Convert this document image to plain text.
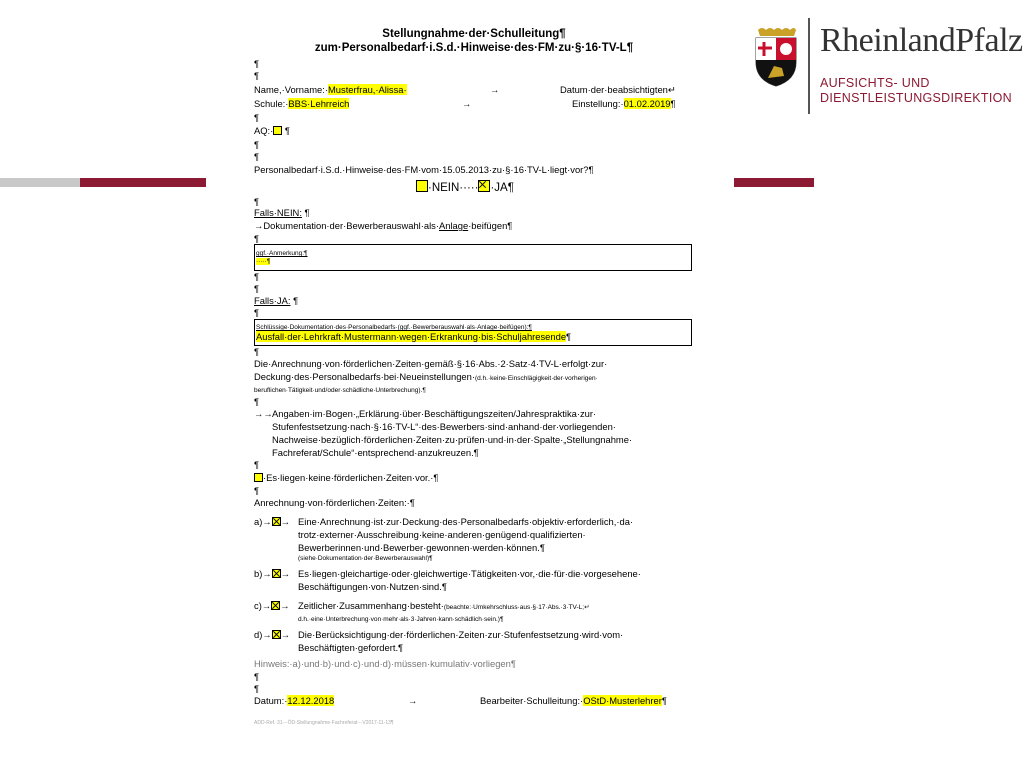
RheinlandPfalz
AUFSICHTS- UND
DIENSTLEISTUNGSDIREKTION
Stellungnahme·der·Schulleitung¶
zum·Personalbedarf·i.S.d.·Hinweise·des·FM·zu·§·16·TV-L¶
¶
¶
Name,·Vorname:·Musterfrau,·Alissa·	→	Datum·der·beabsichtigten↵
Schule:·BBS·Lehrreich	→	Einstellung:·01.02.2019¶
¶
AQ:· ¶
¶
¶
Personalbedarf·i.S.d.·Hinweise·des·FM·vom·15.05.2013·zu·§·16·TV-L·liegt·vor?¶
·NEIN····· ·JA¶
¶
Falls·NEIN: ¶
→Dokumentation·der·Bewerberauswahl·als·Anlage·beifügen¶
¶
ggf.·Anmerkung:¶
·····¶
¶
¶
Falls·JA: ¶
¶
Schlüssige·Dokumentation·des·Personalbedarfs·(ggf.·Bewerberauswahl·als·Anlage·beifügen):¶
Ausfall·der·Lehrkraft·Mustermann·wegen·Erkrankung·bis·Schuljahresende¶
¶
Die·Anrechnung·von·förderlichen·Zeiten·gemäß·§·16·Abs.·2·Satz·4·TV-L·erfolgt·zur·
Deckung·des·Personalbedarfs·bei·Neueinstellungen·(d.h.·keine·Einschlägigkeit·der·vorherigen·
beruflichen·Tätigkeit·und/oder·schädliche·Unterbrechung).¶
¶
→→ Angaben·im·Bogen·„Erklärung·über·Beschäftigungszeiten/Jahrespraktika·zur·
Stufenfestsetzung·nach·§·16·TV-L“·des·Bewerbers·sind·anhand·der·vorliegenden·
Nachweise·bezüglich·förderlichen·Zeiten·zu·prüfen·und·in·der·Spalte·„Stellungnahme·
Fachreferat/Schule“·entsprechend·anzukreuzen.¶
¶
·Es·liegen·keine·förderlichen·Zeiten·vor.·¶
¶
Anrechnung·von·förderlichen·Zeiten:·¶
a)→ → Eine·Anrechnung·ist·zur·Deckung·des·Personalbedarfs·objektiv·erforderlich,·da·
trotz·externer·Ausschreibung·keine·anderen·genügend·qualifizierten·
Bewerberinnen·und·Bewerber·gewonnen·werden·können.¶
(siehe·Dokumentation·der·Bewerberauswahl)¶
b)→ → Es·liegen·gleichartige·oder·gleichwertige·Tätigkeiten·vor,·die·für·die·vorgesehene·
Beschäftigungen·von·Nutzen·sind.¶
c)→ → Zeitlicher·Zusammenhang·besteht·(beachte:·Umkehrschluss·aus·§·17·Abs.·3·TV-L;↵
d.h.·eine·Unterbrechung·von·mehr·als·3·Jahren·kann·schädlich·sein.)¶
d)→ → Die·Berücksichtigung·der·förderlichen·Zeiten·zur·Stufenfestsetzung·wird·vom·
Beschäftigten·gefordert.¶
Hinweis:·a)·und·b)·und·c)·und·d)·müssen·kumulativ·vorliegen¶
¶
¶
Datum:·12.12.2018	→	Bearbeiter·Schulleitung:·OStD·Musterlehrer¶
ADD·Ref.·31·-·ÖD-Stellungnahme·Fachreferat·-·V2017-11-13¶
